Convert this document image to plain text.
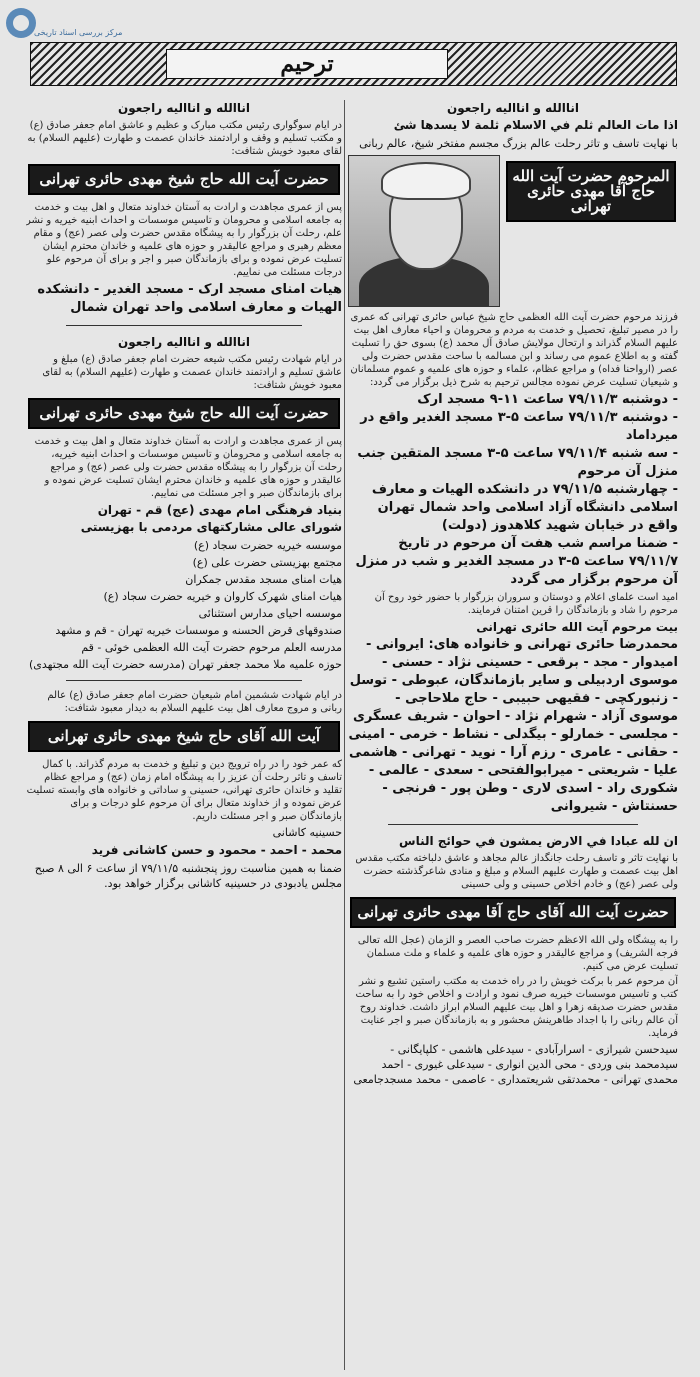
مرکز بررسی اسناد تاریخی
ترحيم
اناالله و اناالیه راجعون
اذا مات العالم ثلم في الاسلام ثلمة لا يسدها شئ
با نهایت تاسف و تاثر رحلت عالم بزرگ مجسم مفتخر شیخ، عالم ربانی
المرحوم حضرت آیت الله حاج آقا مهدی حائری تهرانی
فرزند مرحوم حضرت آیت الله العظمی حاج شیخ عباس حائری تهرانی که عمری را در مصیر تبلیغ، تحصیل و خدمت به مردم و محرومان و احیاء معارف اهل بیت علیهم السلام گذراند و ارتحال مولایش صادق آل محمد (ع) بسوی حق را تسلیت گفته و به اطلاع عموم می رساند و ابن مسالمه با ساحت مقدس حضرت ولی عصر (ارواحنا فداه) و مراجع عظام، علماء و حوزه های علمیه و عموم مسلمانان و شیعیان تسلیت عرض نموده مجالس ترحیم به شرح ذیل برگزار می گردد:
- دوشنبه ۷۹/۱۱/۳ ساعت ۱۱-۹ مسجد ارک
- دوشنبه ۷۹/۱۱/۳ ساعت ۵-۳ مسجد الغدیر واقع در میرداماد
- سه شنبه ۷۹/۱۱/۴ ساعت ۵-۳ مسجد المتقین جنب منزل آن مرحوم
- چهارشنبه ۷۹/۱۱/۵ در دانشکده الهیات و معارف اسلامی دانشگاه آزاد اسلامی واحد شمال تهران واقع در خیابان شهید کلاهدوز (دولت)
- ضمنا مراسم شب هفت آن مرحوم در تاریخ ۷۹/۱۱/۷ ساعت ۵-۳ در مسجد الغدیر و شب در منزل آن مرحوم برگزار می گردد
امید است علمای اعلام و دوستان و سروران بزرگوار با حضور خود روح آن مرحوم را شاد و بازماندگان را قرین امتنان فرمایند.
بیت مرحوم آیت الله حائری تهرانی
محمدرضا حائری تهرانی و خانواده های: ایروانی - امیدوار - مجد - برقعی - حسینی نژاد - حسنی - موسوی اردبیلی و سایر بازماندگان، عبوطی - توسل - زنبورکچی - فقیهی حبیبی - حاج ملاحاجی - موسوی آزاد - شهرام نژاد - احوان - شریف عسگری - مجلسی - خمارلو - بیگدلی - نشاط - خرمی - امینی - حقانی - عامری - رزم آرا - نوید - تهرانی - هاشمی علیا - شریعتی - میرابوالفتحی - سعدی - عالمی - شکوری راد - اسدی لاری - وطن پور - فرنجی - حسنتاش - شیروانی
ان لله عبادا في الارض يمشون في حوائج الناس
با نهایت تاثر و تاسف رحلت جانگداز عالم مجاهد و عاشق دلباخته مکتب مقدس اهل بیت عصمت و طهارت علیهم السلام و مبلغ و منادی شاعرگذشته حضرت ولی عصر (عج) و خادم اخلاص حسینی و ولی حسینی
حضرت آیت الله آقای حاج آقا مهدی حائری تهرانی
را به پیشگاه ولی الله الاعظم حضرت صاحب العصر و الزمان (عجل الله تعالی فرجه الشریف) و مراجع عالیقدر و حوزه های علمیه و علماء و ملت مسلمان تسلیت عرض می کنیم.
آن مرحوم عمر با برکت خویش را در راه خدمت به مکتب راستین تشیع و نشر کتب و تاسیس موسسات خیریه صرف نمود و ارادت و اخلاص خود را به ساحت مقدس حضرت صدیقه زهرا و اهل بیت علیهم السلام ابراز داشت. خداوند روح آن عالم ربانی را با اجداد طاهرینش محشور و به بازماندگان صبر و اجر عنایت فرماید.
سیدحسن شیرازی - اسرارآبادی - سیدعلی هاشمی - کلپایگانی - سیدمحمد بنی وردی - محی الدین انواری - سیدعلی غیوری - احمد محمدی تهرانی - محمدتقی شریعتمداری - عاصمی - محمد مسجدجامعی
اناالله و اناالیه راجعون
در ایام سوگواری رئیس مکتب مبارک و عظیم و عاشق امام جعفر صادق (ع) و مکتب تسلیم و وقف و ارادتمند خاندان عصمت و طهارت (علیهم السلام) به لقای معبود خویش شتافت:
حضرت آیت الله حاج شیخ مهدی حائری تهرانی
پس از عمری مجاهدت و ارادت به آستان خداوند متعال و اهل بیت و خدمت به جامعه اسلامی و محرومان و تاسیس موسسات و احداث ابنیه خیریه و نشر علم، رحلت آن بزرگوار را به پیشگاه مقدس حضرت ولی عصر (عج) و مقام معظم رهبری و مراجع عالیقدر و حوزه های علمیه و خاندان محترم ایشان تسلیت عرض نموده و برای بازماندگان صبر و اجر و برای آن مرحوم علو درجات مسئلت می نماییم.
هیات امنای مسجد ارک - مسجد الغدیر - دانشکده الهیات و معارف اسلامی واحد تهران شمال
اناالله و اناالیه راجعون
در ایام شهادت رئیس مکتب شیعه حضرت امام جعفر صادق (ع) مبلغ و عاشق تسلیم و ارادتمند خاندان عصمت و طهارت (علیهم السلام) به لقای معبود خویش شتافت:
حضرت آیت الله حاج شیخ مهدی حائری تهرانی
پس از عمری مجاهدت و ارادت به آستان خداوند متعال و اهل بیت و خدمت به جامعه اسلامی و محرومان و تاسیس موسسات و احداث ابنیه خیریه، رحلت آن بزرگوار را به پیشگاه مقدس حضرت ولی عصر (عج) و مراجع عالیقدر و حوزه های علمیه و خاندان محترم ایشان تسلیت عرض نموده و برای بازماندگان صبر و اجر مسئلت می نماییم.
بنیاد فرهنگی امام مهدی (عج) قم - تهران
شورای عالی مشارکتهای مردمی با بهزیستی
موسسه خیریه حضرت سجاد (ع)
مجتمع بهزیستی حضرت علی (ع)
هیات امنای مسجد مقدس جمکران
هیات امنای شهرک کاروان و خیریه حضرت سجاد (ع)
موسسه احیای مدارس استثنائی
صندوقهای قرض الحسنه و موسسات خیریه تهران - قم و مشهد
مدرسه العلم مرحوم حضرت آیت الله العظمی خوئی - قم
حوزه علمیه ملا محمد جعفر تهران (مدرسه حضرت آیت الله مجتهدی)
در ایام شهادت ششمین امام شیعیان حضرت امام جعفر صادق (ع) عالم ربانی و مروج معارف اهل بیت علیهم السلام به دیدار معبود شتافت:
آیت الله آقای حاج شیخ مهدی حائری تهرانی
که عمر خود را در راه ترویج دین و تبلیغ و خدمت به مردم گذراند. با کمال تاسف و تاثر رحلت آن عزیز را به پیشگاه امام زمان (عج) و مراجع عظام تقلید و خاندان حائری تهرانی، حسینی و ساداتی و خانواده های وابسته تسلیت عرض نموده و از خداوند متعال برای آن مرحوم علو درجات و برای بازماندگان صبر و اجر مسئلت داریم.
حسینیه کاشانی
محمد - احمد - محمود و حسن کاشانی فرید
ضمنا به همین مناسبت روز پنجشنبه ۷۹/۱۱/۵ از ساعت ۶ الی ۸ صبح مجلس یادبودی در حسینیه کاشانی برگزار خواهد بود.
